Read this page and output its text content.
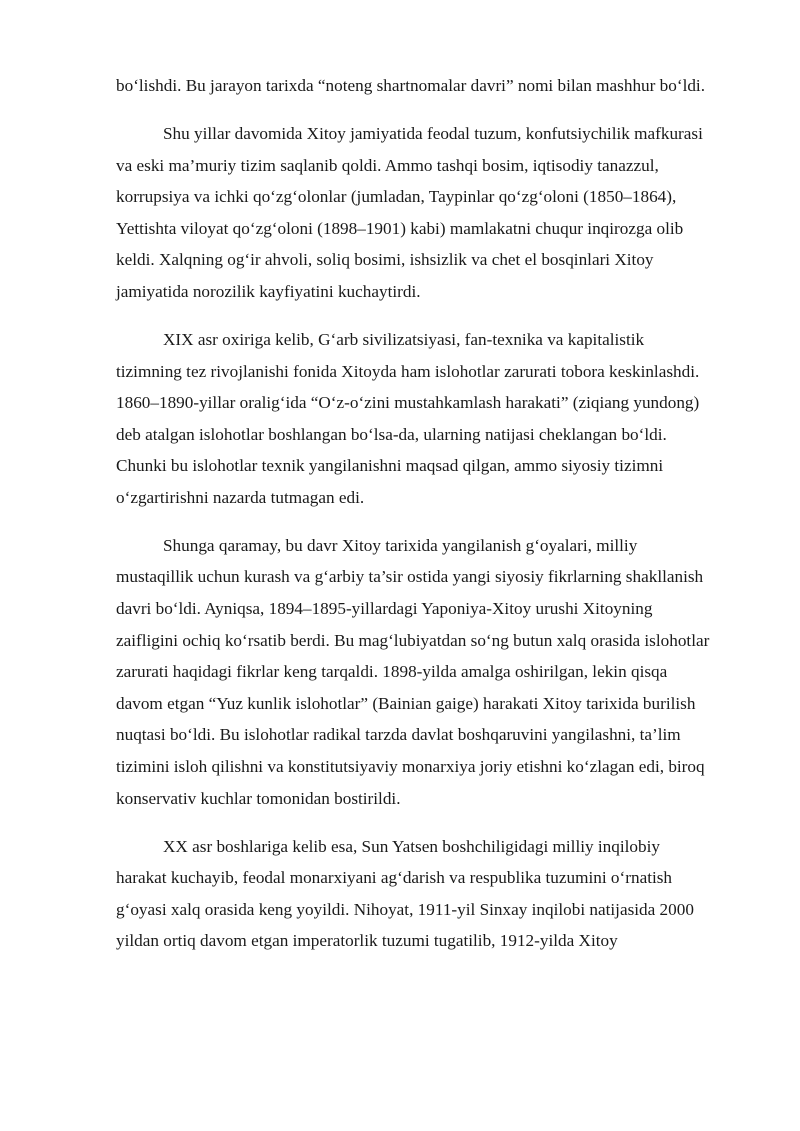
bo‘lishdi. Bu jarayon tarixda “noteng shartnomalar davri” nomi bilan mashhur bo‘ldi.

Shu yillar davomida Xitoy jamiyatida feodal tuzum, konfutsiychilik mafkurasi va eski ma’muriy tizim saqlanib qoldi. Ammo tashqi bosim, iqtisodiy tanazzul, korrupsiya va ichki qo‘zg‘olonlar (jumladan, Taypinlar qo‘zg‘oloni (1850–1864), Yettishta viloyat qo‘zg‘oloni (1898–1901) kabi) mamlakatni chuqur inqirozga olib keldi. Xalqning og‘ir ahvoli, soliq bosimi, ishsizlik va chet el bosqinlari Xitoy jamiyatida norozilik kayfiyatini kuchaytirdi.

XIX asr oxiriga kelib, G‘arb sivilizatsiyasi, fan-texnika va kapitalistik tizimning tez rivojlanishi fonida Xitoyda ham islohotlar zarurati tobora keskinlashdi. 1860–1890-yillar oralig‘ida “O‘z-o‘zini mustahkamlash harakati” (ziqiang yundong) deb atalgan islohotlar boshlangan bo‘lsa-da, ularning natijasi cheklangan bo‘ldi. Chunki bu islohotlar texnik yangilanishni maqsad qilgan, ammo siyosiy tizimni o‘zgartirishni nazarda tutmagan edi.

Shunga qaramay, bu davr Xitoy tarixida yangilanish g‘oyalari, milliy mustaqillik uchun kurash va g‘arbiy ta’sir ostida yangi siyosiy fikrlarning shakllanish davri bo‘ldi. Ayniqsa, 1894–1895-yillardagi Yaponiya-Xitoy urushi Xitoyning zaifligini ochiq ko‘rsatib berdi. Bu mag‘lubiyatdan so‘ng butun xalq orasida islohotlar zarurati haqidagi fikrlar keng tarqaldi. 1898-yilda amalga oshirilgan, lekin qisqa davom etgan “Yuz kunlik islohotlar” (Bainian gaige) harakati Xitoy tarixida burilish nuqtasi bo‘ldi. Bu islohotlar radikal tarzda davlat boshqaruvini yangilashni, ta’lim tizimini isloh qilishni va konstitutsiyaviy monarxiya joriy etishni ko‘zlagan edi, biroq konservativ kuchlar tomonidan bostirildi.

XX asr boshlariga kelib esa, Sun Yatsen boshchiligidagi milliy inqilobiy harakat kuchayib, feodal monarxiyani ag‘darish va respublika tuzumini o‘rnatish g‘oyasi xalq orasida keng yoyildi. Nihoyat, 1911-yil Sinxay inqilobi natijasida 2000 yildan ortiq davom etgan imperatorlik tuzumi tugatilib, 1912-yilda Xitoy
